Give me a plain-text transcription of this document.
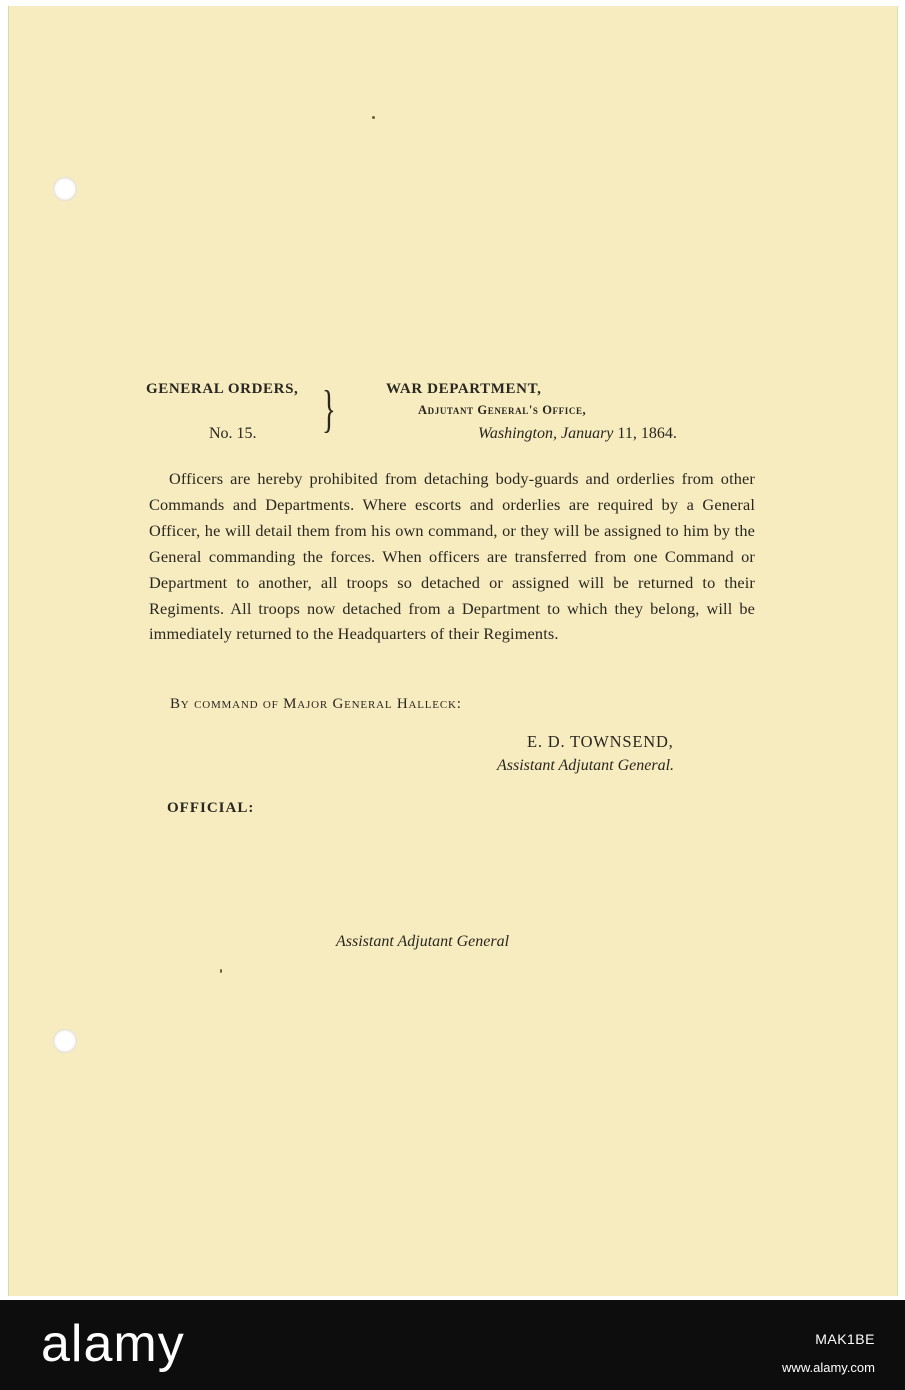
GENERAL ORDERS,
No. 15. }	WAR DEPARTMENT,
Adjutant General's Office,
Washington, January 11, 1864.
Officers are hereby prohibited from detaching body-guards and orderlies from other Commands and Departments. Where escorts and orderlies are required by a General Officer, he will detail them from his own command, or they will be assigned to him by the General commanding the forces. When officers are transferred from one Command or Department to another, all troops so detached or assigned will be returned to their Regiments. All troops now detached from a Department to which they belong, will be immediately returned to the Headquarters of their Regiments.
By command of Major General Halleck:
E. D. TOWNSEND,
Assistant Adjutant General.
OFFICIAL:
Assistant Adjutant General
alamy	MAK1BE
www.alamy.com
